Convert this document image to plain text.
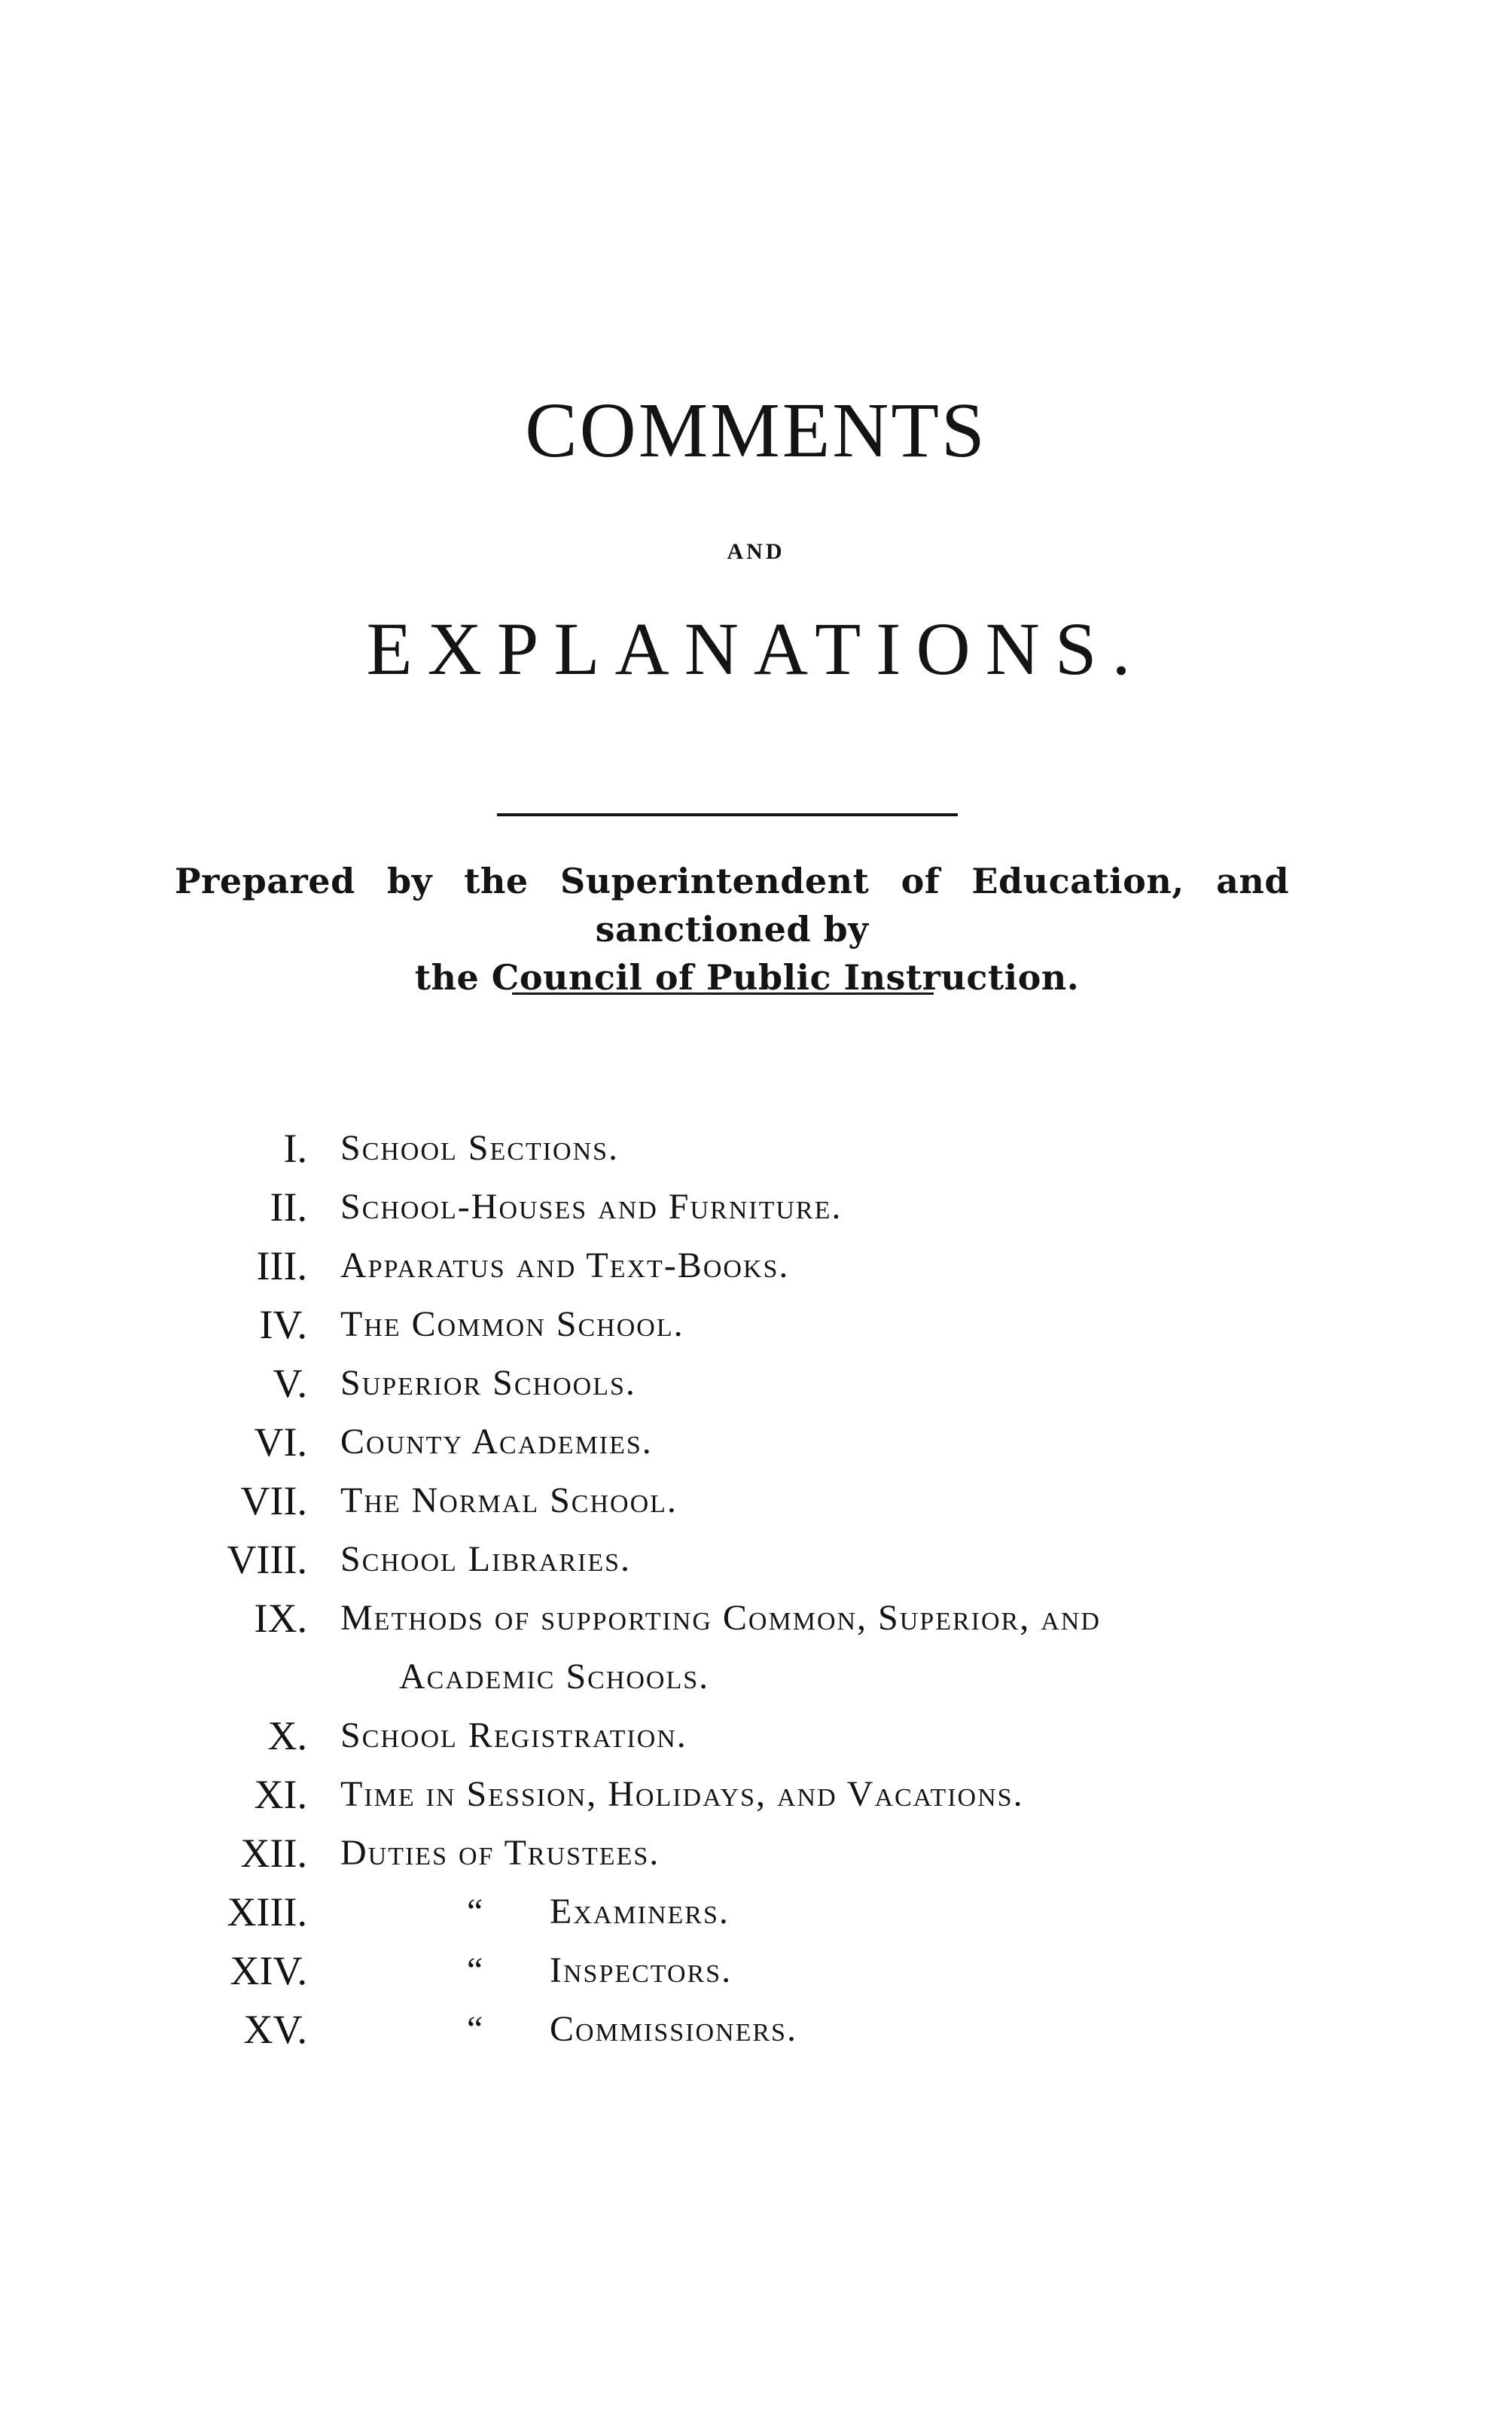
COMMENTS
AND
EXPLANATIONS.
Prepared by the Superintendent of Education, and sanctioned by
the Council of Public Instruction.
I. School Sections.
II. School-Houses and Furniture.
III. Apparatus and Text-Books.
IV. The Common School.
V. Superior Schools.
VI. County Academies.
VII. The Normal School.
VIII. School Libraries.
IX. Methods of supporting Common, Superior, and
Academic Schools.
X. School Registration.
XI. Time in Session, Holidays, and Vacations.
XII. Duties of Trustees.
XIII.	“ Examiners.
XIV.	“ Inspectors.
XV.	“ Commissioners.
